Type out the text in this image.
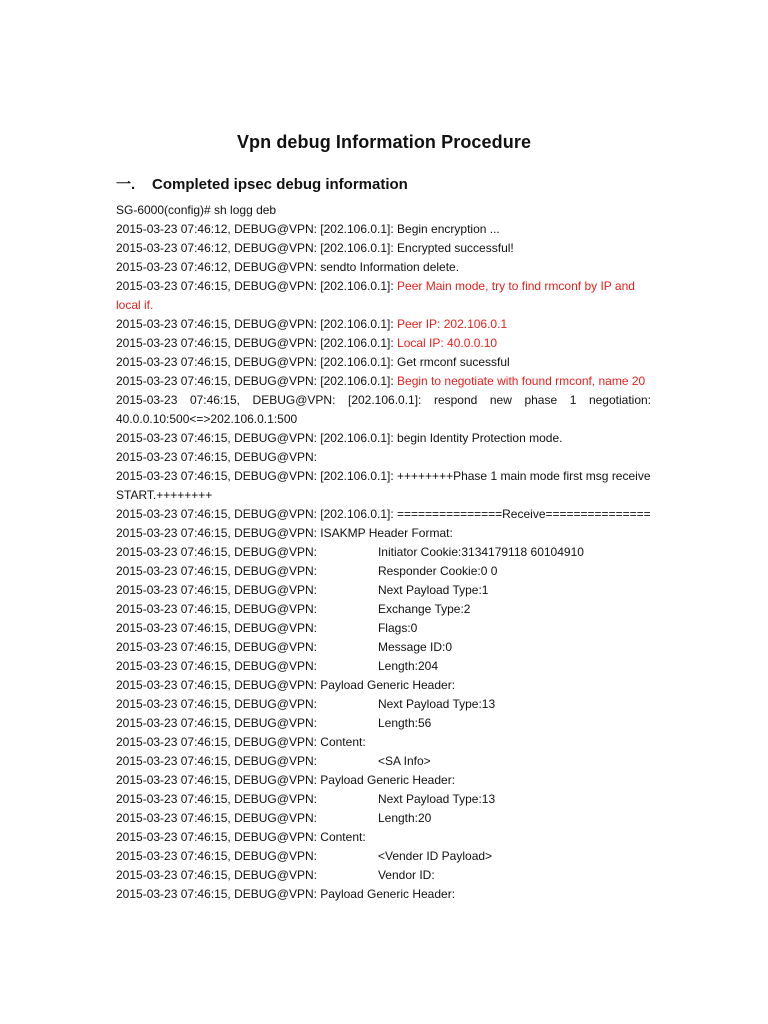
Vpn debug Information Procedure
一. Completed ipsec debug information
SG-6000(config)# sh logg deb
2015-03-23 07:46:12, DEBUG@VPN: [202.106.0.1]: Begin encryption ...
2015-03-23 07:46:12, DEBUG@VPN: [202.106.0.1]: Encrypted successful!
2015-03-23 07:46:12, DEBUG@VPN: sendto Information delete.
2015-03-23 07:46:15, DEBUG@VPN: [202.106.0.1]: Peer Main mode, try to find rmconf by IP and local if.
2015-03-23 07:46:15, DEBUG@VPN: [202.106.0.1]: Peer IP: 202.106.0.1
2015-03-23 07:46:15, DEBUG@VPN: [202.106.0.1]: Local IP: 40.0.0.10
2015-03-23 07:46:15, DEBUG@VPN: [202.106.0.1]: Get rmconf sucessful
2015-03-23 07:46:15, DEBUG@VPN: [202.106.0.1]: Begin to negotiate with found rmconf, name 20
2015-03-23 07:46:15, DEBUG@VPN: [202.106.0.1]: respond new phase 1 negotiation: 40.0.0.10:500<=>202.106.0.1:500
2015-03-23 07:46:15, DEBUG@VPN: [202.106.0.1]: begin Identity Protection mode.
2015-03-23 07:46:15, DEBUG@VPN:
2015-03-23 07:46:15, DEBUG@VPN: [202.106.0.1]: ++++++++Phase 1 main mode first msg receive START.++++++++
2015-03-23 07:46:15, DEBUG@VPN: [202.106.0.1]: ===============Receive===============
2015-03-23 07:46:15, DEBUG@VPN: ISAKMP Header Format:
2015-03-23 07:46:15, DEBUG@VPN:	Initiator Cookie:3134179118 60104910
2015-03-23 07:46:15, DEBUG@VPN:	Responder Cookie:0 0
2015-03-23 07:46:15, DEBUG@VPN:	Next Payload Type:1
2015-03-23 07:46:15, DEBUG@VPN:	Exchange Type:2
2015-03-23 07:46:15, DEBUG@VPN:	Flags:0
2015-03-23 07:46:15, DEBUG@VPN:	Message ID:0
2015-03-23 07:46:15, DEBUG@VPN:	Length:204
2015-03-23 07:46:15, DEBUG@VPN: Payload Generic Header:
2015-03-23 07:46:15, DEBUG@VPN:	Next Payload Type:13
2015-03-23 07:46:15, DEBUG@VPN:	Length:56
2015-03-23 07:46:15, DEBUG@VPN: Content:
2015-03-23 07:46:15, DEBUG@VPN:	<SA Info>
2015-03-23 07:46:15, DEBUG@VPN: Payload Generic Header:
2015-03-23 07:46:15, DEBUG@VPN:	Next Payload Type:13
2015-03-23 07:46:15, DEBUG@VPN:	Length:20
2015-03-23 07:46:15, DEBUG@VPN: Content:
2015-03-23 07:46:15, DEBUG@VPN:	<Vender ID Payload>
2015-03-23 07:46:15, DEBUG@VPN:	Vendor ID:
2015-03-23 07:46:15, DEBUG@VPN: Payload Generic Header:
